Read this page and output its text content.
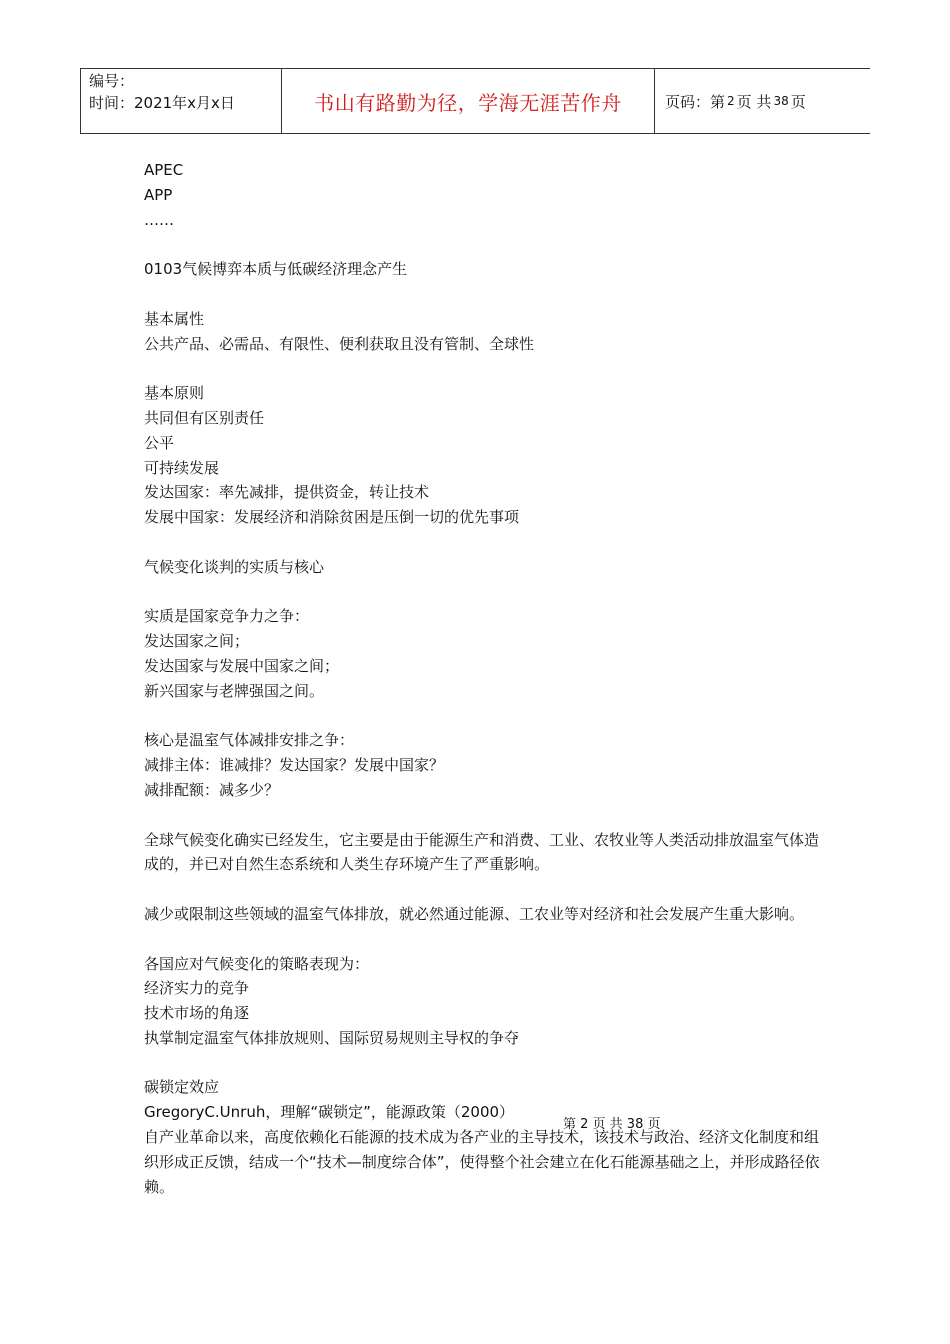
编号：
时间：2021年x月x日	书山有路勤为径，学海无涯苦作舟	页码：第 2 页 共 38 页
APEC
APP
……
0103气候博弈本质与低碳经济理念产生
基本属性
公共产品、必需品、有限性、便利获取且没有管制、全球性
基本原则
共同但有区别责任
公平
可持续发展
发达国家：率先减排，提供资金，转让技术
发展中国家：发展经济和消除贫困是压倒一切的优先事项
气候变化谈判的实质与核心
实质是国家竞争力之争：
发达国家之间；
发达国家与发展中国家之间；
新兴国家与老牌强国之间。
核心是温室气体减排安排之争：
减排主体：谁减排？发达国家？发展中国家？
减排配额：减多少？
全球气候变化确实已经发生，它主要是由于能源生产和消费、工业、农牧业等人类活动排放温室气体造成的，并已对自然生态系统和人类生存环境产生了严重影响。
减少或限制这些领域的温室气体排放，就必然通过能源、工农业等对经济和社会发展产生重大影响。
各国应对气候变化的策略表现为：
经济实力的竞争
技术市场的角逐
执掌制定温室气体排放规则、国际贸易规则主导权的争夺
碳锁定效应
GregoryC.Unruh，理解“碳锁定”，能源政策（2000）
自产业革命以来，高度依赖化石能源的技术成为各产业的主导技术，该技术与政治、经济文化制度和组织形成正反馈，结成一个“技术—制度综合体”，使得整个社会建立在化石能源基础之上，并形成路径依赖。
第 2 页 共 38 页
